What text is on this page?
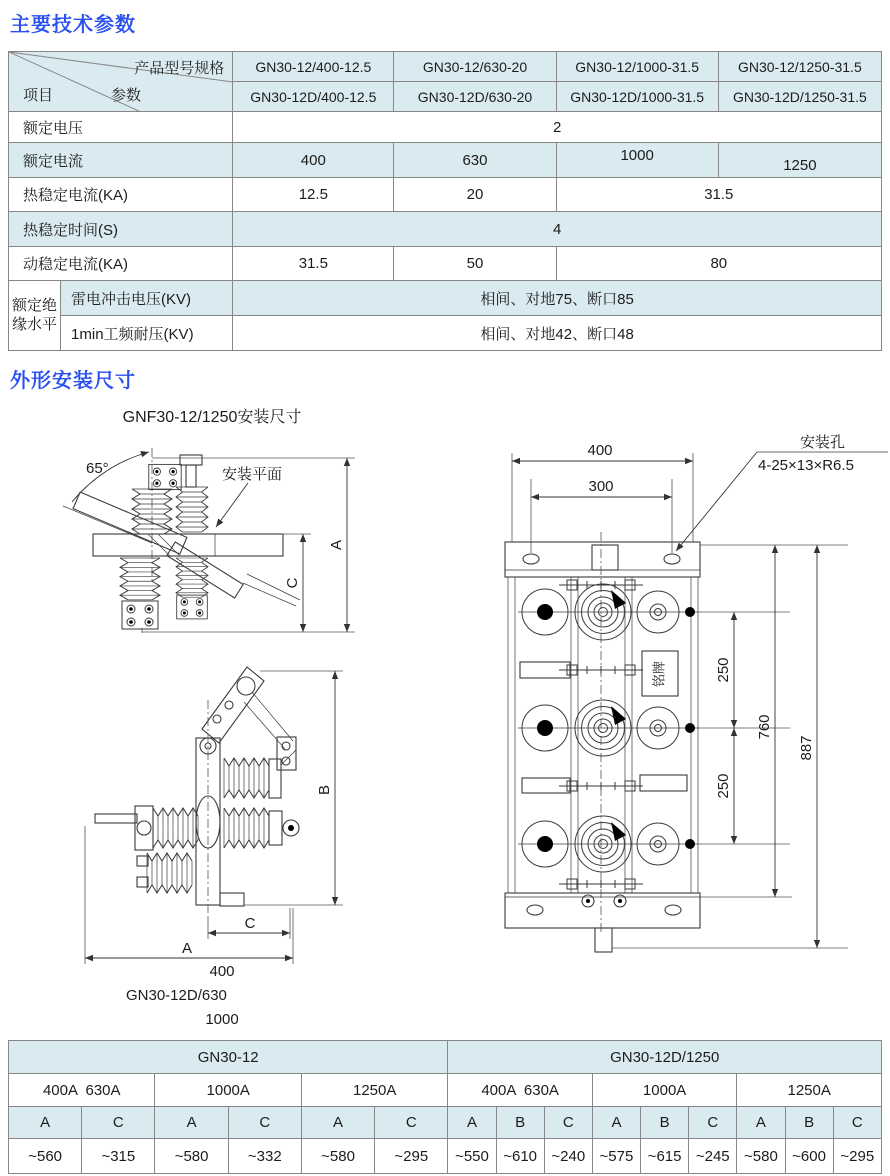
主要技术参数
产品型号规格
项目 参数		GN30-12/400-12.5	GN30-12/630-20	GN30-12/1000-31.5	GN30-12/1250-31.5
		GN30-12D/400-12.5	GN30-12D/630-20	GN30-12D/1000-31.5	GN30-12D/1250-31.5
额定电压		2			
额定电流		400	630	1000	1250
热稳定电流(KA)		12.5	20	31.5	
热稳定时间(S)		4			
动稳定电流(KA)		31.5	50	80	
额定绝缘水平	雷电冲击电压(KV)	相间、对地75、断口85			
	1min工频耐压(KV)	相间、对地42、断口48			
外形安装尺寸
GNF30-12/1250安装尺寸
65°
C
A
安装平面
B
C
A
400
GN30-12D/630
1000
400
300
铭牌	250
250
760
887
安装孔
4-25×13×R6.5
GN30-12						GN30-12D/1250								
400A  630A		1000A		1250A		400A  630A			1000A			1250A		
A	C	A	C	A	C	A	B	C	A	B	C	A	B	C
~560	~315	~580	~332	~580	~295	~550	~610	~240	~575	~615	~245	~580	~600	~295
